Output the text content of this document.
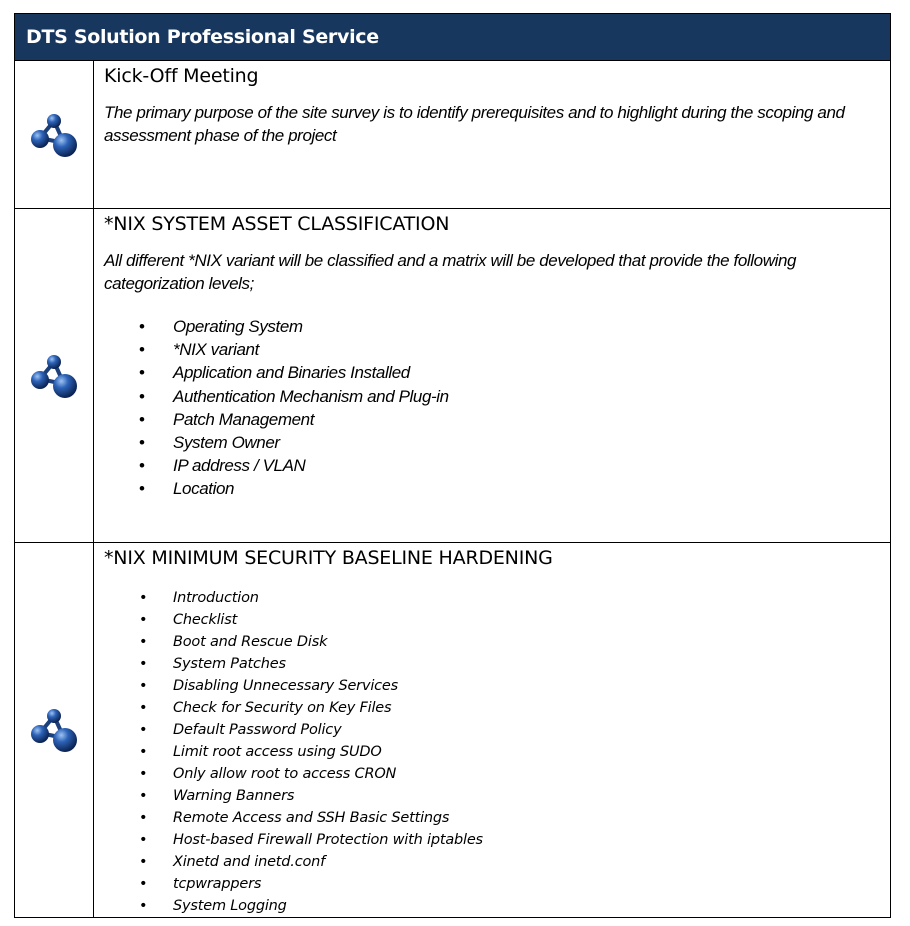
DTS Solution Professional Service
Kick-Off Meeting

The primary purpose of the site survey is to identify prerequisites and to highlight during the scoping and assessment phase of the project

*NIX SYSTEM ASSET CLASSIFICATION

All different *NIX variant will be classified and a matrix will be developed that provide the following categorization levels;

• Operating System
• *NIX variant
• Application and Binaries Installed
• Authentication Mechanism and Plug-in
• Patch Management
• System Owner
• IP address / VLAN
• Location
*NIX MINIMUM SECURITY BASELINE HARDENING
• Introduction
• Checklist
• Boot and Rescue Disk
• System Patches
• Disabling Unnecessary Services
• Check for Security on Key Files
• Default Password Policy
• Limit root access using SUDO
• Only allow root to access CRON
• Warning Banners
• Remote Access and SSH Basic Settings
• Host-based Firewall Protection with iptables
• Xinetd and inetd.conf
• tcpwrappers
• System Logging
